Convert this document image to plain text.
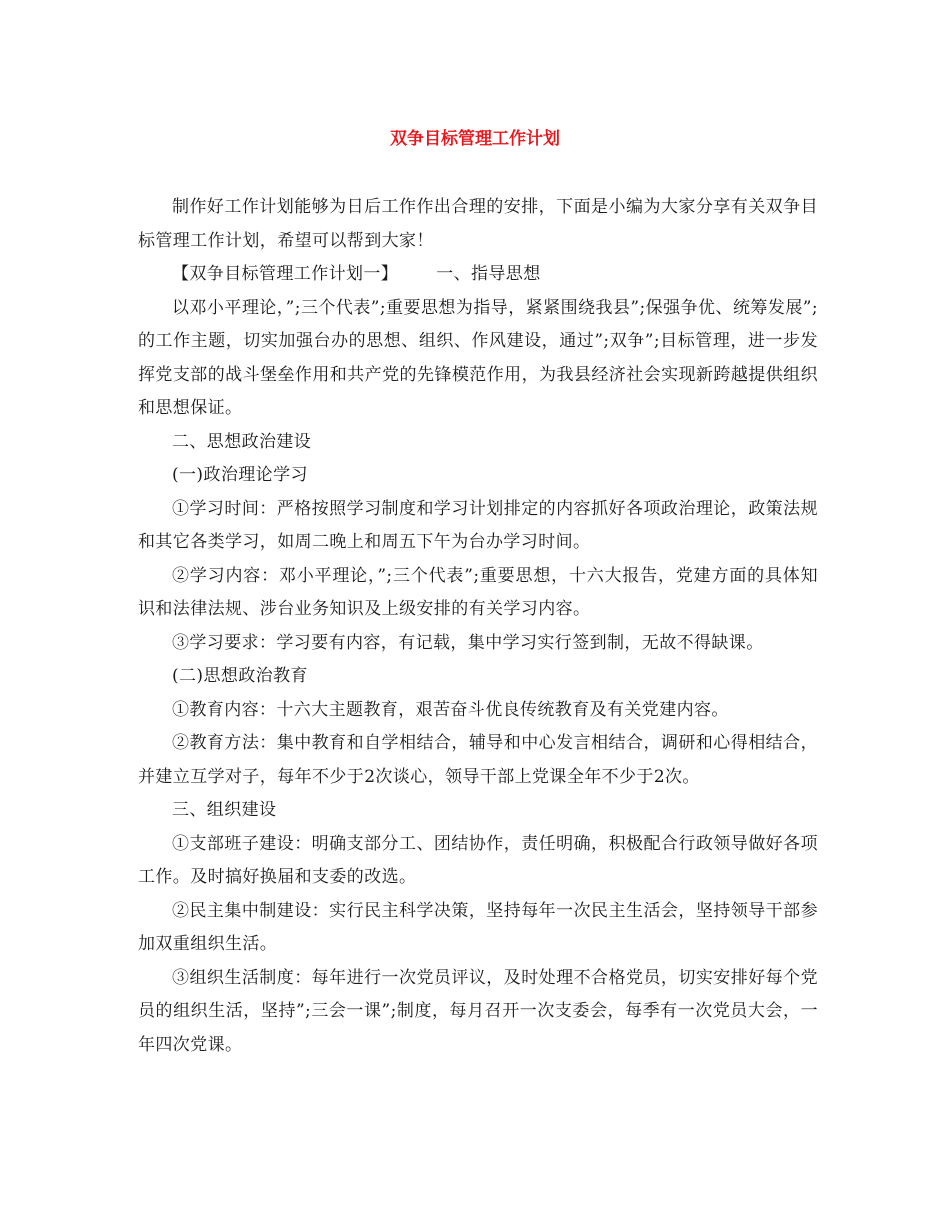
双争目标管理工作计划

制作好工作计划能够为日后工作作出合理的安排，下面是小编为大家分享有关双争目标管理工作计划，希望可以帮到大家！

【双争目标管理工作计划一】 一、指导思想

以邓小平理论，”;三个代表”;重要思想为指导，紧紧围绕我县”;保强争优、统筹发展”;的工作主题，切实加强台办的思想、组织、作风建设，通过”;双争”;目标管理，进一步发挥党支部的战斗堡垒作用和共产党的先锋模范作用，为我县经济社会实现新跨越提供组织和思想保证。

二、思想政治建设

(一)政治理论学习

①学习时间：严格按照学习制度和学习计划排定的内容抓好各项政治理论，政策法规和其它各类学习，如周二晚上和周五下午为台办学习时间。

②学习内容：邓小平理论，”;三个代表”;重要思想，十六大报告，党建方面的具体知识和法律法规、涉台业务知识及上级安排的有关学习内容。

③学习要求：学习要有内容，有记载，集中学习实行签到制，无故不得缺课。

(二)思想政治教育

①教育内容：十六大主题教育，艰苦奋斗优良传统教育及有关党建内容。

②教育方法：集中教育和自学相结合，辅导和中心发言相结合，调研和心得相结合，并建立互学对子，每年不少于2次谈心，领导干部上党课全年不少于2次。

三、组织建设

①支部班子建设：明确支部分工、团结协作，责任明确，积极配合行政领导做好各项工作。及时搞好换届和支委的改选。

②民主集中制建设：实行民主科学决策，坚持每年一次民主生活会，坚持领导干部参加双重组织生活。

③组织生活制度：每年进行一次党员评议，及时处理不合格党员，切实安排好每个党员的组织生活，坚持”;三会一课”;制度，每月召开一次支委会，每季有一次党员大会，一年四次党课。
